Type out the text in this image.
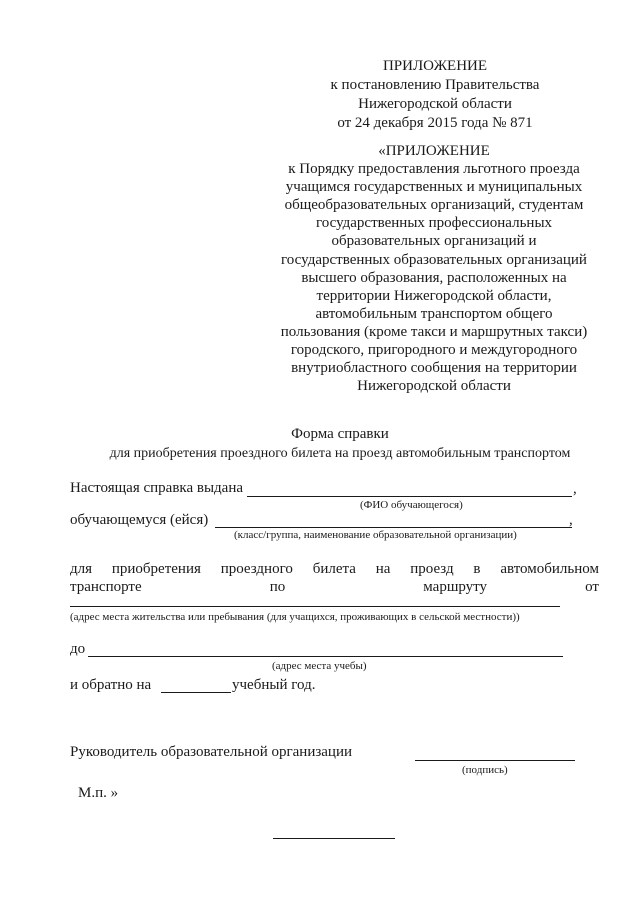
ПРИЛОЖЕНИЕ
к постановлению Правительства
Нижегородской области
от 24 декабря 2015 года № 871
«ПРИЛОЖЕНИЕ
к Порядку предоставления льготного проезда
учащимся государственных и муниципальных
общеобразовательных организаций, студентам
государственных профессиональных
образовательных организаций и
государственных образовательных организаций
высшего образования, расположенных на
территории Нижегородской области,
автомобильным транспортом общего
пользования (кроме такси и маршрутных такси)
городского, пригородного и междугородного
внутриобластного сообщения на территории
Нижегородской области
Форма справки
для приобретения проездного билета на проезд автомобильным транспортом
Настоящая справка выдана	,
(ФИО обучающегося)
обучающемуся (ейся)	,
(класс/группа, наименование образовательной организации)
для приобретения проездного билета на проезд в автомобильном
транспорте	по	маршруту	от
(адрес места жительства или пребывания (для учащихся, проживающих в сельской местности))
до
(адрес места учебы)
и обратно на	учебный год.
Руководитель образовательной организации
(подпись)
М.п. »
